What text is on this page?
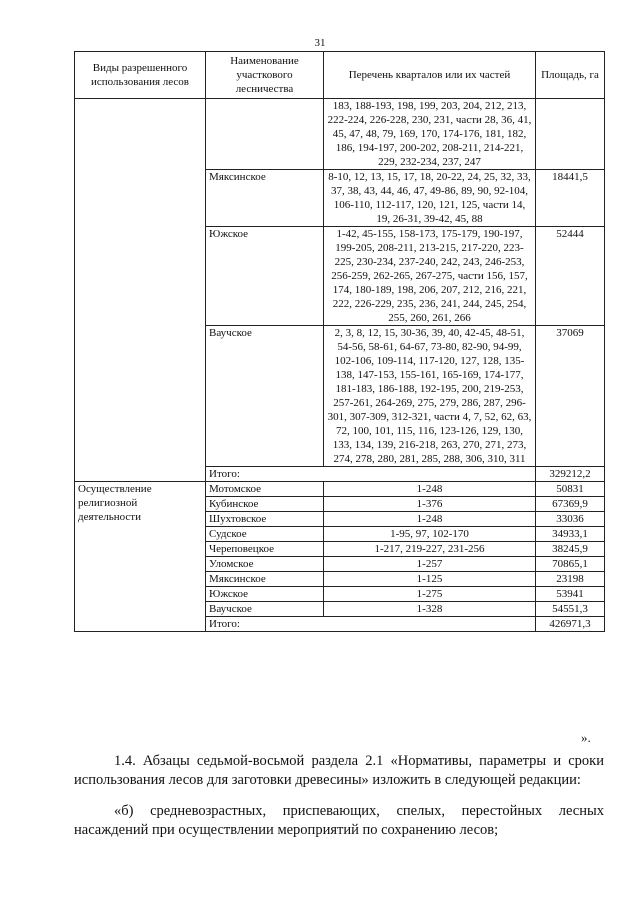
31
Виды разрешенного использования лесов	Наименование участкового лесничества	Перечень кварталов или их частей	Площадь, га
		183, 188-193, 198, 199, 203, 204, 212, 213, 222-224, 226-228, 230, 231, части 28, 36, 41, 45, 47, 48, 79, 169, 170, 174-176, 181, 182, 186, 194-197, 200-202, 208-211, 214-221, 229, 232-234, 237, 247	
	Мяксинское	8-10, 12, 13, 15, 17, 18, 20-22, 24, 25, 32, 33, 37, 38, 43, 44, 46, 47, 49-86, 89, 90, 92-104, 106-110, 112-117, 120, 121, 125, части 14, 19, 26-31, 39-42, 45, 88	18441,5
	Южское	1-42, 45-155, 158-173, 175-179, 190-197, 199-205, 208-211, 213-215, 217-220, 223-225, 230-234, 237-240, 242, 243, 246-253, 256-259, 262-265, 267-275, части 156, 157, 174, 180-189, 198, 206, 207, 212, 216, 221, 222, 226-229, 235, 236, 241, 244, 245, 254, 255, 260, 261, 266	52444
	Ваучское	2, 3, 8, 12, 15, 30-36, 39, 40, 42-45, 48-51, 54-56, 58-61, 64-67, 73-80, 82-90, 94-99, 102-106, 109-114, 117-120, 127, 128, 135-138, 147-153, 155-161, 165-169, 174-177, 181-183, 186-188, 192-195, 200, 219-253, 257-261, 264-269, 275, 279, 286, 287, 296-301, 307-309, 312-321, части 4, 7, 52, 62, 63, 72, 100, 101, 115, 116, 123-126, 129, 130, 133, 134, 139, 216-218, 263, 270, 271, 273, 274, 278, 280, 281, 285, 288, 306, 310, 311	37069
	Итого:		329212,2
Осуществление религиозной деятельности	Мотомское	1-248	50831
	Кубинское	1-376	67369,9
	Шухтовское	1-248	33036
	Судское	1-95, 97, 102-170	34933,1
	Череповецкое	1-217, 219-227, 231-256	38245,9
	Уломское	1-257	70865,1
	Мяксинское	1-125	23198
	Южское	1-275	53941
	Ваучское	1-328	54551,3
	Итого:		426971,3
».
1.4. Абзацы седьмой-восьмой раздела 2.1 «Нормативы, параметры и сроки использования лесов для заготовки древесины» изложить в следующей редакции:
«б) средневозрастных, приспевающих, спелых, перестойных лесных насаждений при осуществлении мероприятий по сохранению лесов;
